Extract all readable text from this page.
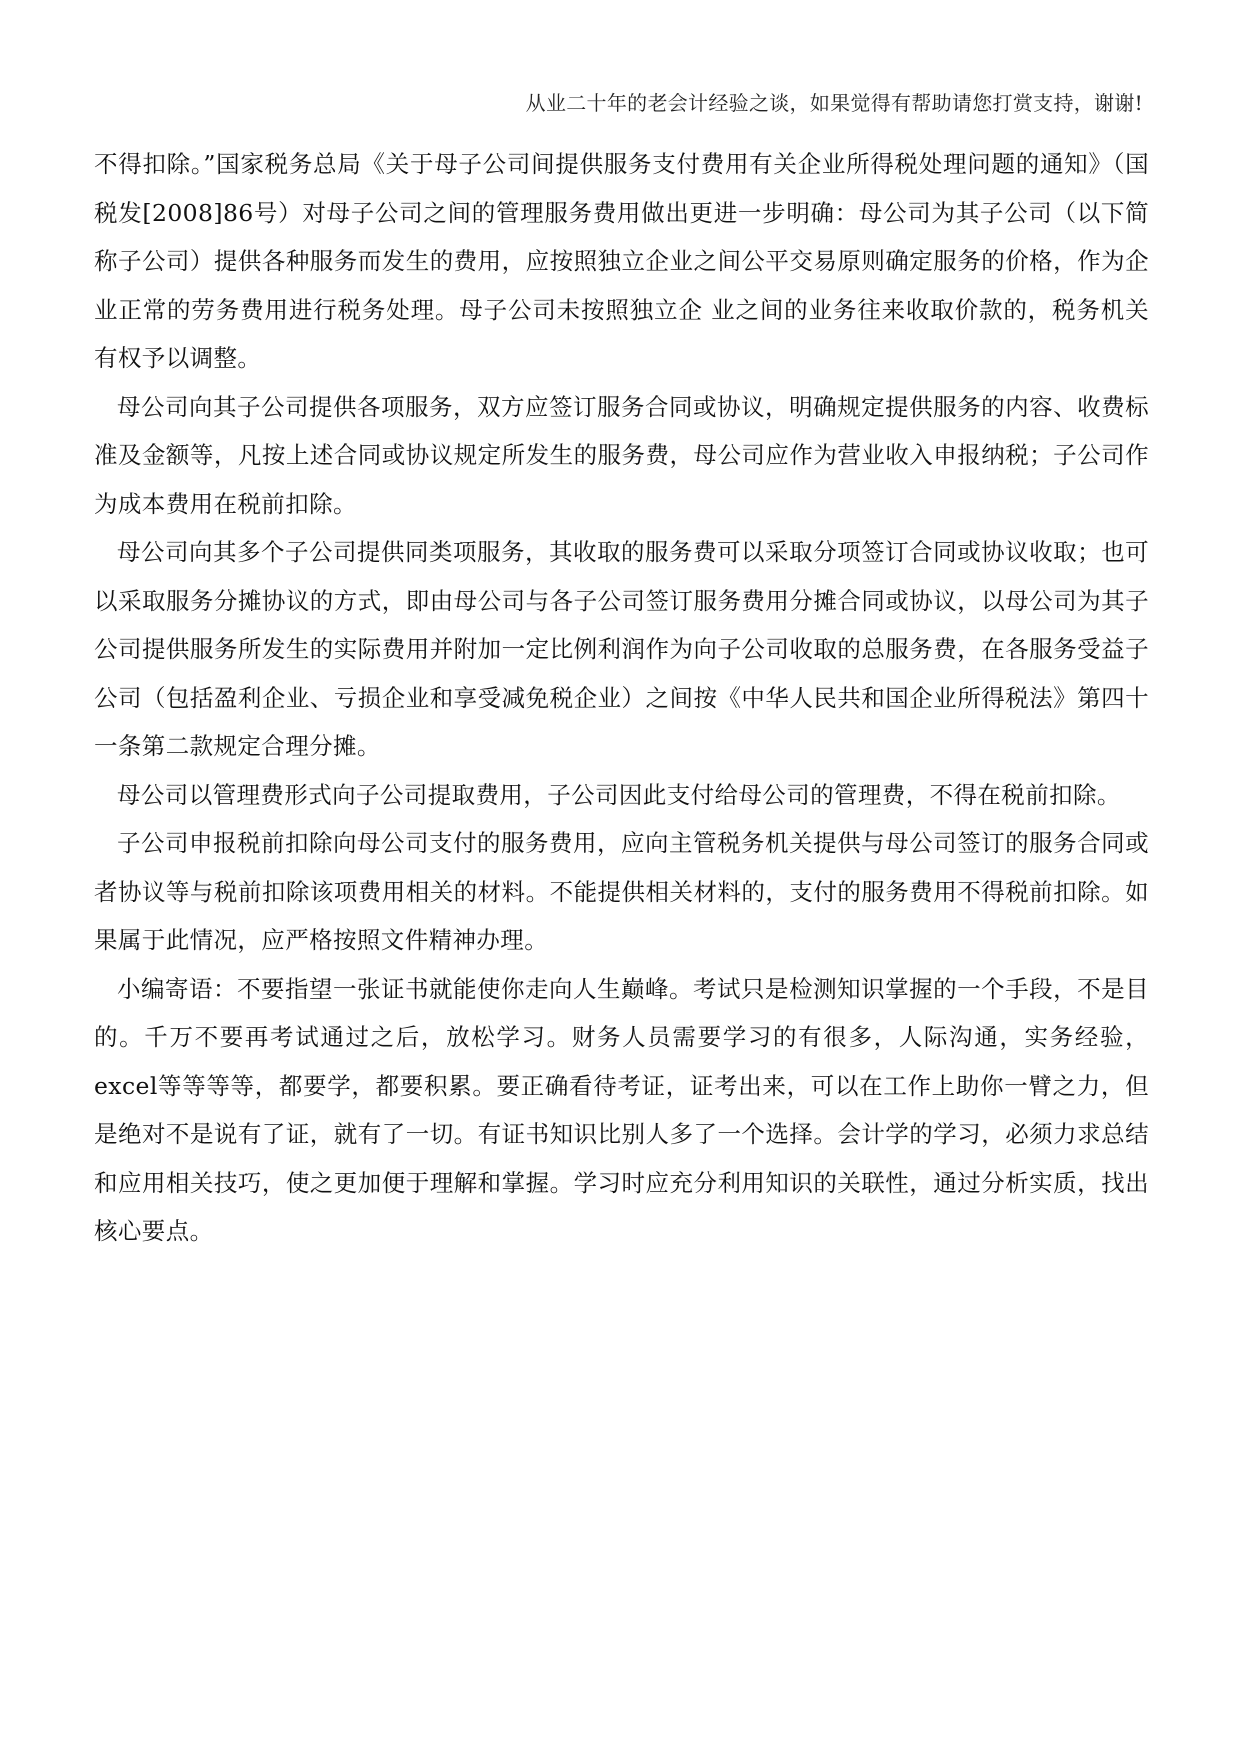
从业二十年的老会计经验之谈，如果觉得有帮助请您打赏支持，谢谢!

不得扣除。”国家税务总局《关于母子公司间提供服务支付费用有关企业所得税处理问题的通知》（国税发[2008]86号）对母子公司之间的管理服务费用做出更进一步明确：母公司为其子公司（以下简称子公司）提供各种服务而发生的费用，应按照独立企业之间公平交易原则确定服务的价格，作为企业正常的劳务费用进行税务处理。母子公司未按照独立企 业之间的业务往来收取价款的，税务机关有权予以调整。

母公司向其子公司提供各项服务，双方应签订服务合同或协议，明确规定提供服务的内容、收费标准及金额等，凡按上述合同或协议规定所发生的服务费，母公司应作为营业收入申报纳税；子公司作为成本费用在税前扣除。

母公司向其多个子公司提供同类项服务，其收取的服务费可以采取分项签订合同或协议收取；也可以采取服务分摊协议的方式，即由母公司与各子公司签订服务费用分摊合同或协议，以母公司为其子公司提供服务所发生的实际费用并附加一定比例利润作为向子公司收取的总服务费，在各服务受益子公司（包括盈利企业、亏损企业和享受减免税企业）之间按《中华人民共和国企业所得税法》第四十一条第二款规定合理分摊。

母公司以管理费形式向子公司提取费用，子公司因此支付给母公司的管理费，不得在税前扣除。

子公司申报税前扣除向母公司支付的服务费用，应向主管税务机关提供与母公司签订的服务合同或者协议等与税前扣除该项费用相关的材料。不能提供相关材料的，支付的服务费用不得税前扣除。如果属于此情况，应严格按照文件精神办理。

小编寄语：不要指望一张证书就能使你走向人生巅峰。考试只是检测知识掌握的一个手段，不是目的。千万不要再考试通过之后，放松学习。财务人员需要学习的有很多，人际沟通，实务经验，excel等等等等，都要学，都要积累。要正确看待考证，证考出来，可以在工作上助你一臂之力，但是绝对不是说有了证，就有了一切。有证书知识比别人多了一个选择。会计学的学习，必须力求总结和应用相关技巧，使之更加便于理解和掌握。学习时应充分利用知识的关联性，通过分析实质，找出核心要点。
